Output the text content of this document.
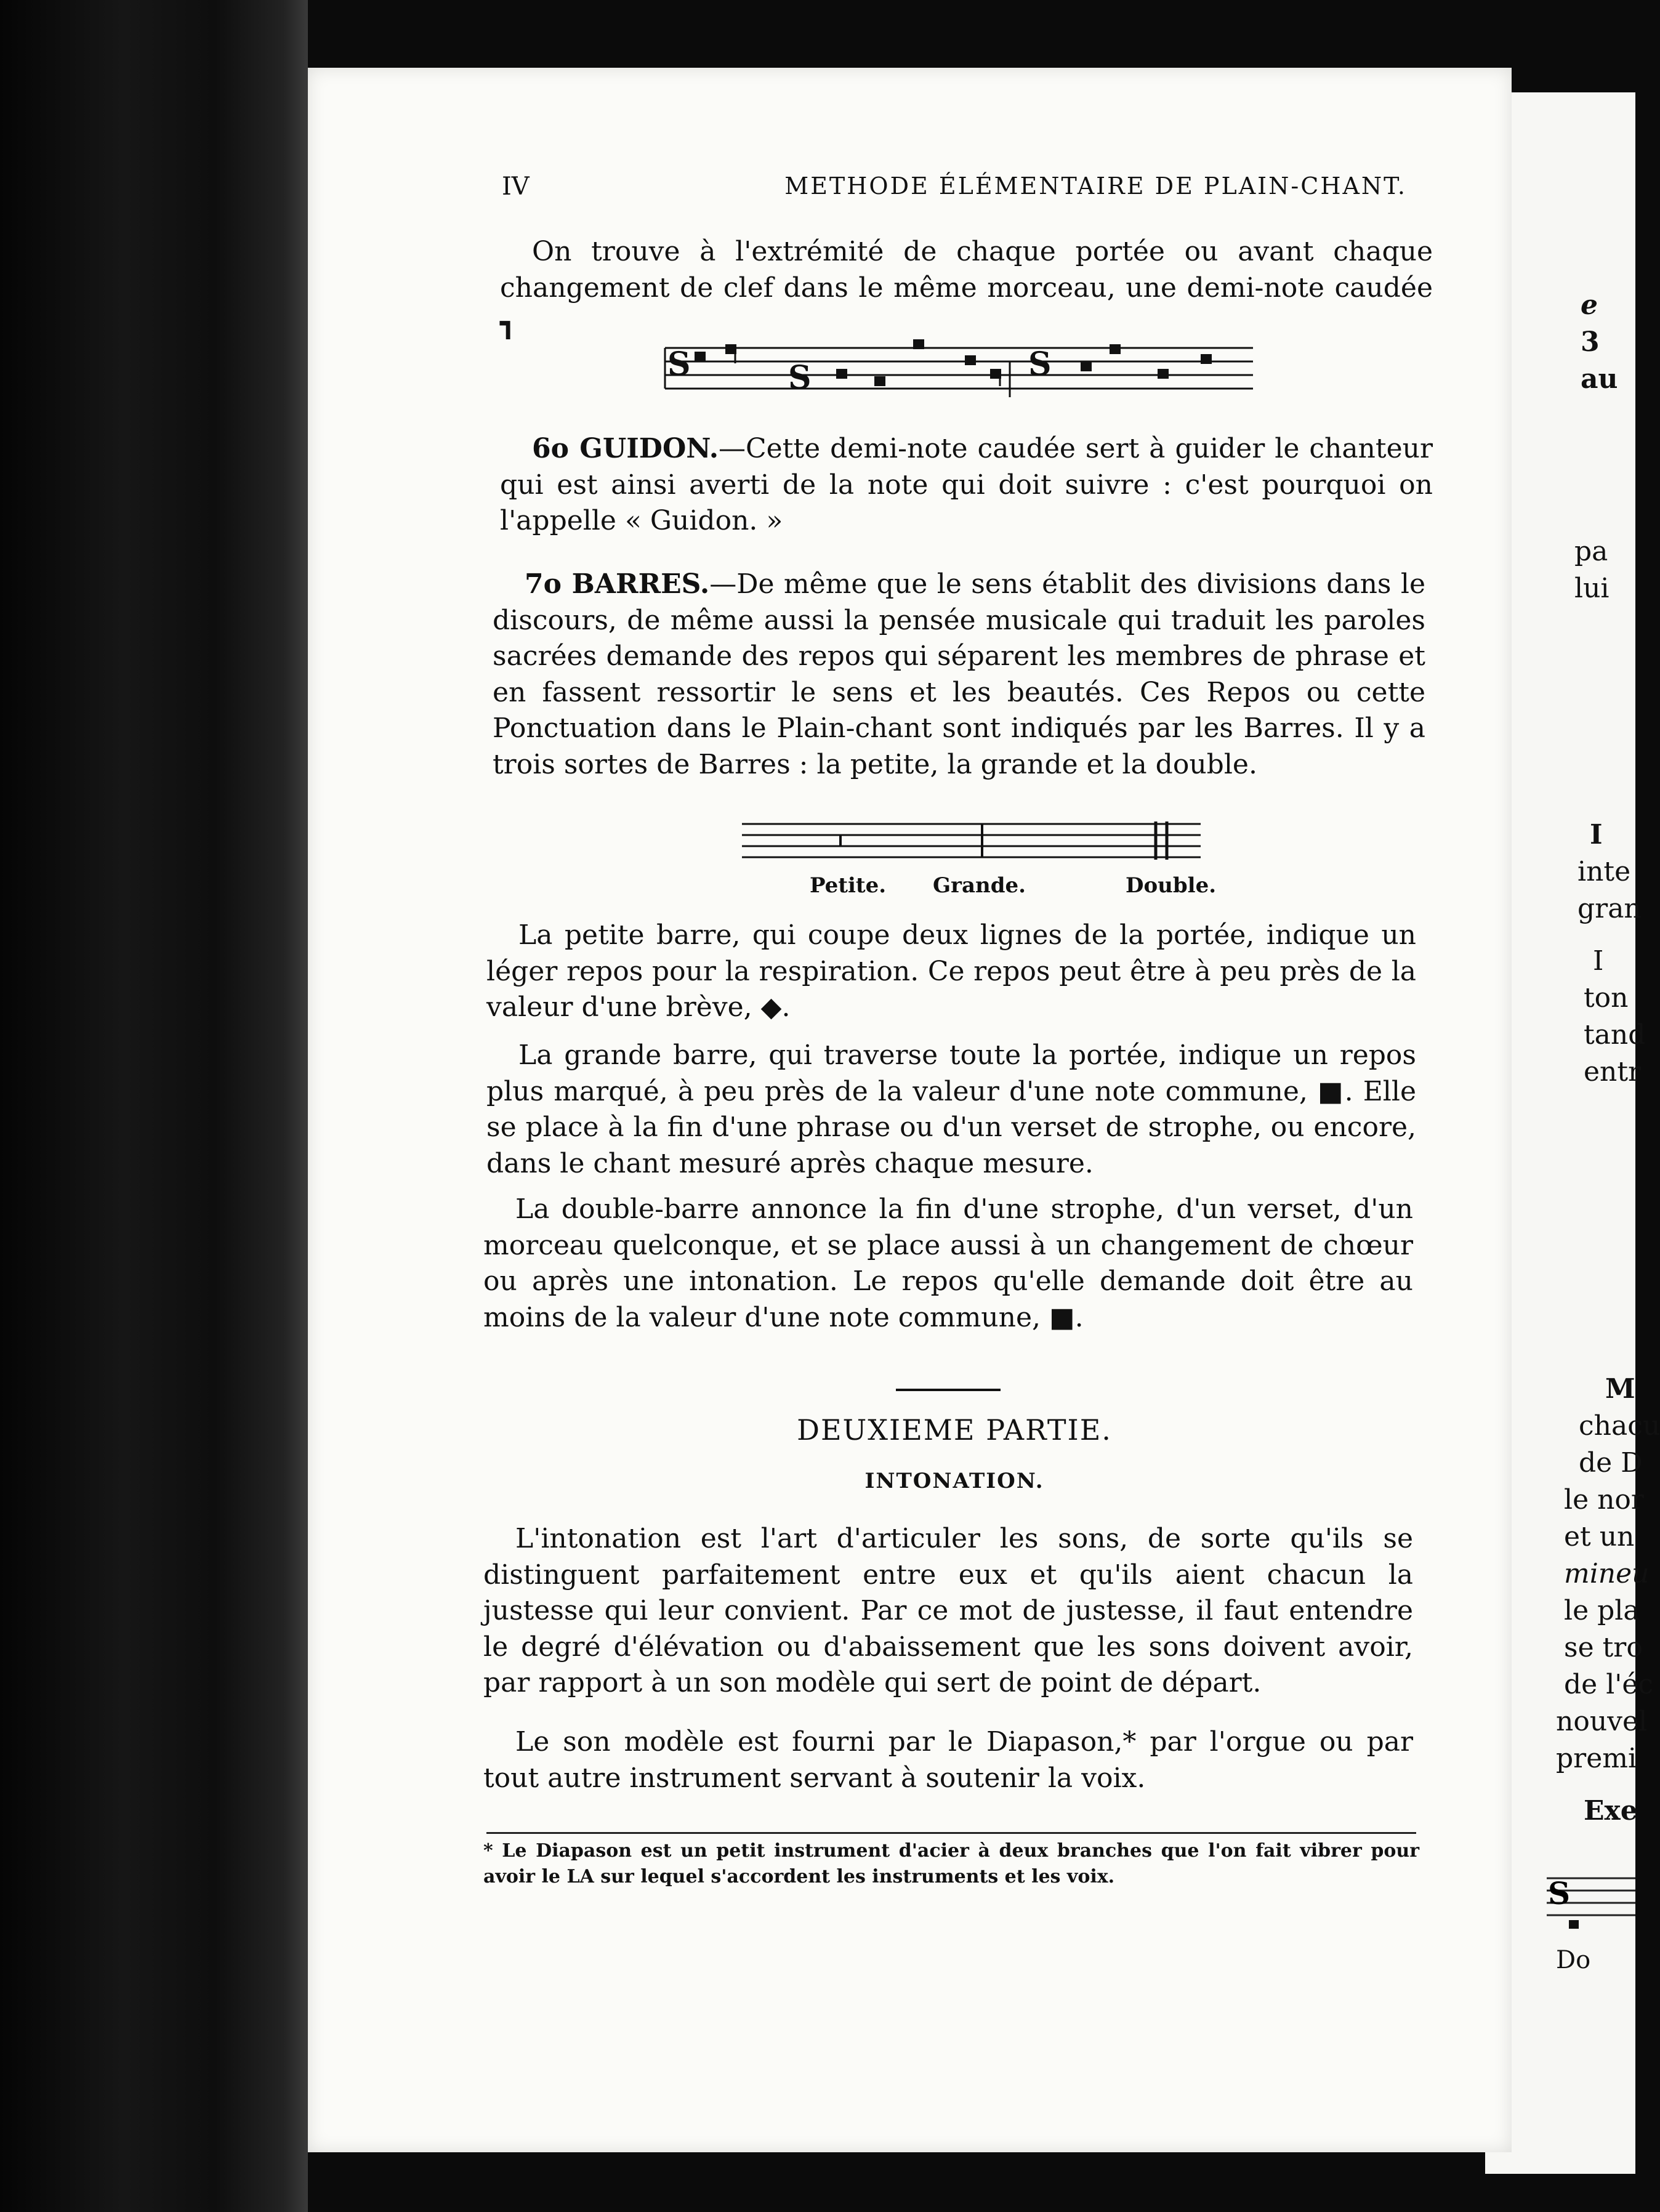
e
3
au
pa
lui
I
inte
gran
I
ton
tand
entr
M
chacu
de D
le nor
et un
mineu
le pla
se tro
de l'éc
nouvel
premi
Exe
S
Do
IV	METHODE ÉLÉMENTAIRE DE PLAIN-CHANT.

On trouve à l'extrémité de chaque portée ou avant chaque changement de clef dans le même morceau, une demi-note caudée ┓

S	S	S

6o GUIDON.—Cette demi-note caudée sert à guider le chanteur qui est ainsi averti de la note qui doit suivre : c'est pourquoi on l'appelle « Guidon. »

7o BARRES.—De même que le sens établit des divisions dans le discours, de même aussi la pensée musicale qui traduit les paroles sacrées demande des repos qui séparent les membres de phrase et en fassent ressortir le sens et les beautés. Ces Repos ou cette Ponctuation dans le Plain-chant sont indiqués par les Barres. Il y a trois sortes de Barres : la petite, la grande et la double.

Petite. Grande.	Double.

La petite barre, qui coupe deux lignes de la portée, indique un léger repos pour la respiration. Ce repos peut être à peu près de la valeur d'une brève, ◆.

La grande barre, qui traverse toute la portée, indique un repos plus marqué, à peu près de la valeur d'une note commune, ■. Elle se place à la fin d'une phrase ou d'un verset de strophe, ou encore, dans le chant mesuré après chaque mesure.

La double-barre annonce la fin d'une strophe, d'un verset, d'un morceau quelconque, et se place aussi à un changement de chœur ou après une intonation. Le repos qu'elle demande doit être au moins de la valeur d'une note commune, ■.

DEUXIEME PARTIE.
INTONATION.

L'intonation est l'art d'articuler les sons, de sorte qu'ils se distinguent parfaitement entre eux et qu'ils aient chacun la justesse qui leur convient. Par ce mot de justesse, il faut entendre le degré d'élévation ou d'abaissement que les sons doivent avoir, par rapport à un son modèle qui sert de point de départ.

Le son modèle est fourni par le Diapason,* par l'orgue ou par tout autre instrument servant à soutenir la voix.

* Le Diapason est un petit instrument d'acier à deux branches que l'on fait vibrer pour avoir le LA sur lequel s'accordent les instruments et les voix.
